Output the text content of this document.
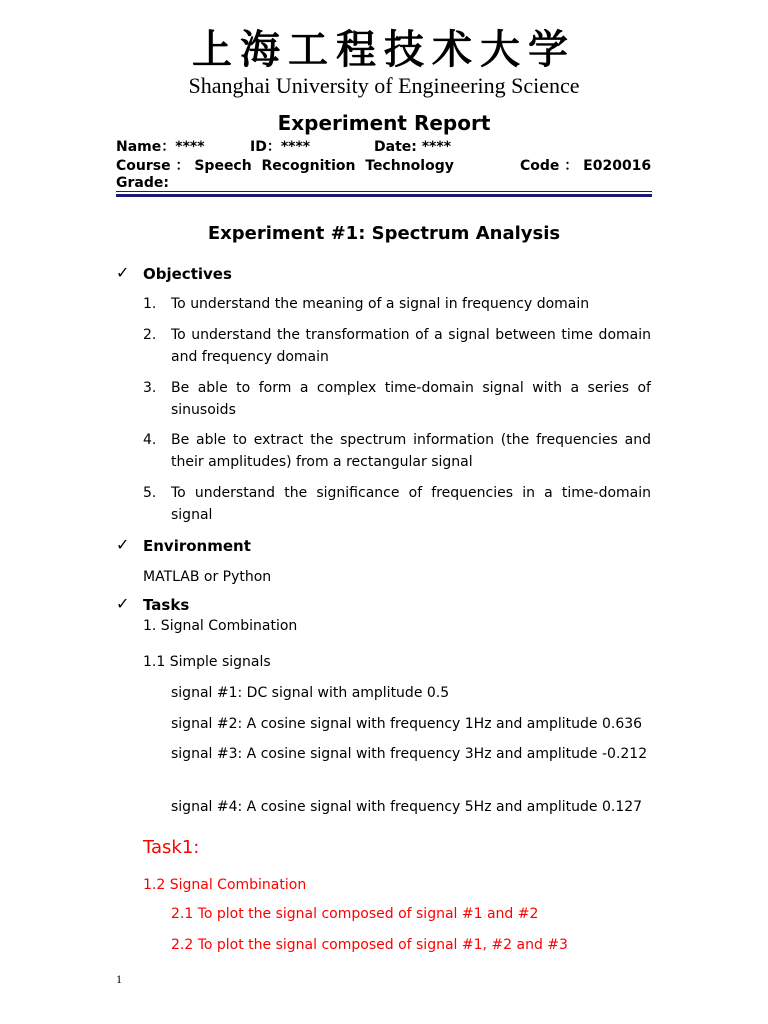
上海工程技术大学
Shanghai University of Engineering Science
Experiment Report
Name：****	ID：****	Date: ****
Course ： Speech  Recognition  Technology	Code ： E020016
Grade:
Experiment #1: Spectrum Analysis
✓ Objectives
1. To understand the meaning of a signal in frequency domain
2. To understand the transformation of a signal between time domain and frequency domain
3. Be able to form a complex time-domain signal with a series of sinusoids
4. Be able to extract the spectrum information (the frequencies and their amplitudes) from a rectangular signal
5. To understand the significance of frequencies in a time-domain signal
✓ Environment
MATLAB or Python
✓ Tasks
1. Signal Combination
1.1 Simple signals
signal #1: DC signal with amplitude 0.5
signal #2: A cosine signal with frequency 1Hz and amplitude 0.636
signal #3: A cosine signal with frequency 3Hz and amplitude -0.212
signal #4: A cosine signal with frequency 5Hz and amplitude 0.127
Task1:
1.2 Signal Combination
2.1 To plot the signal composed of signal #1 and #2
2.2 To plot the signal composed of signal #1, #2 and #3
1
